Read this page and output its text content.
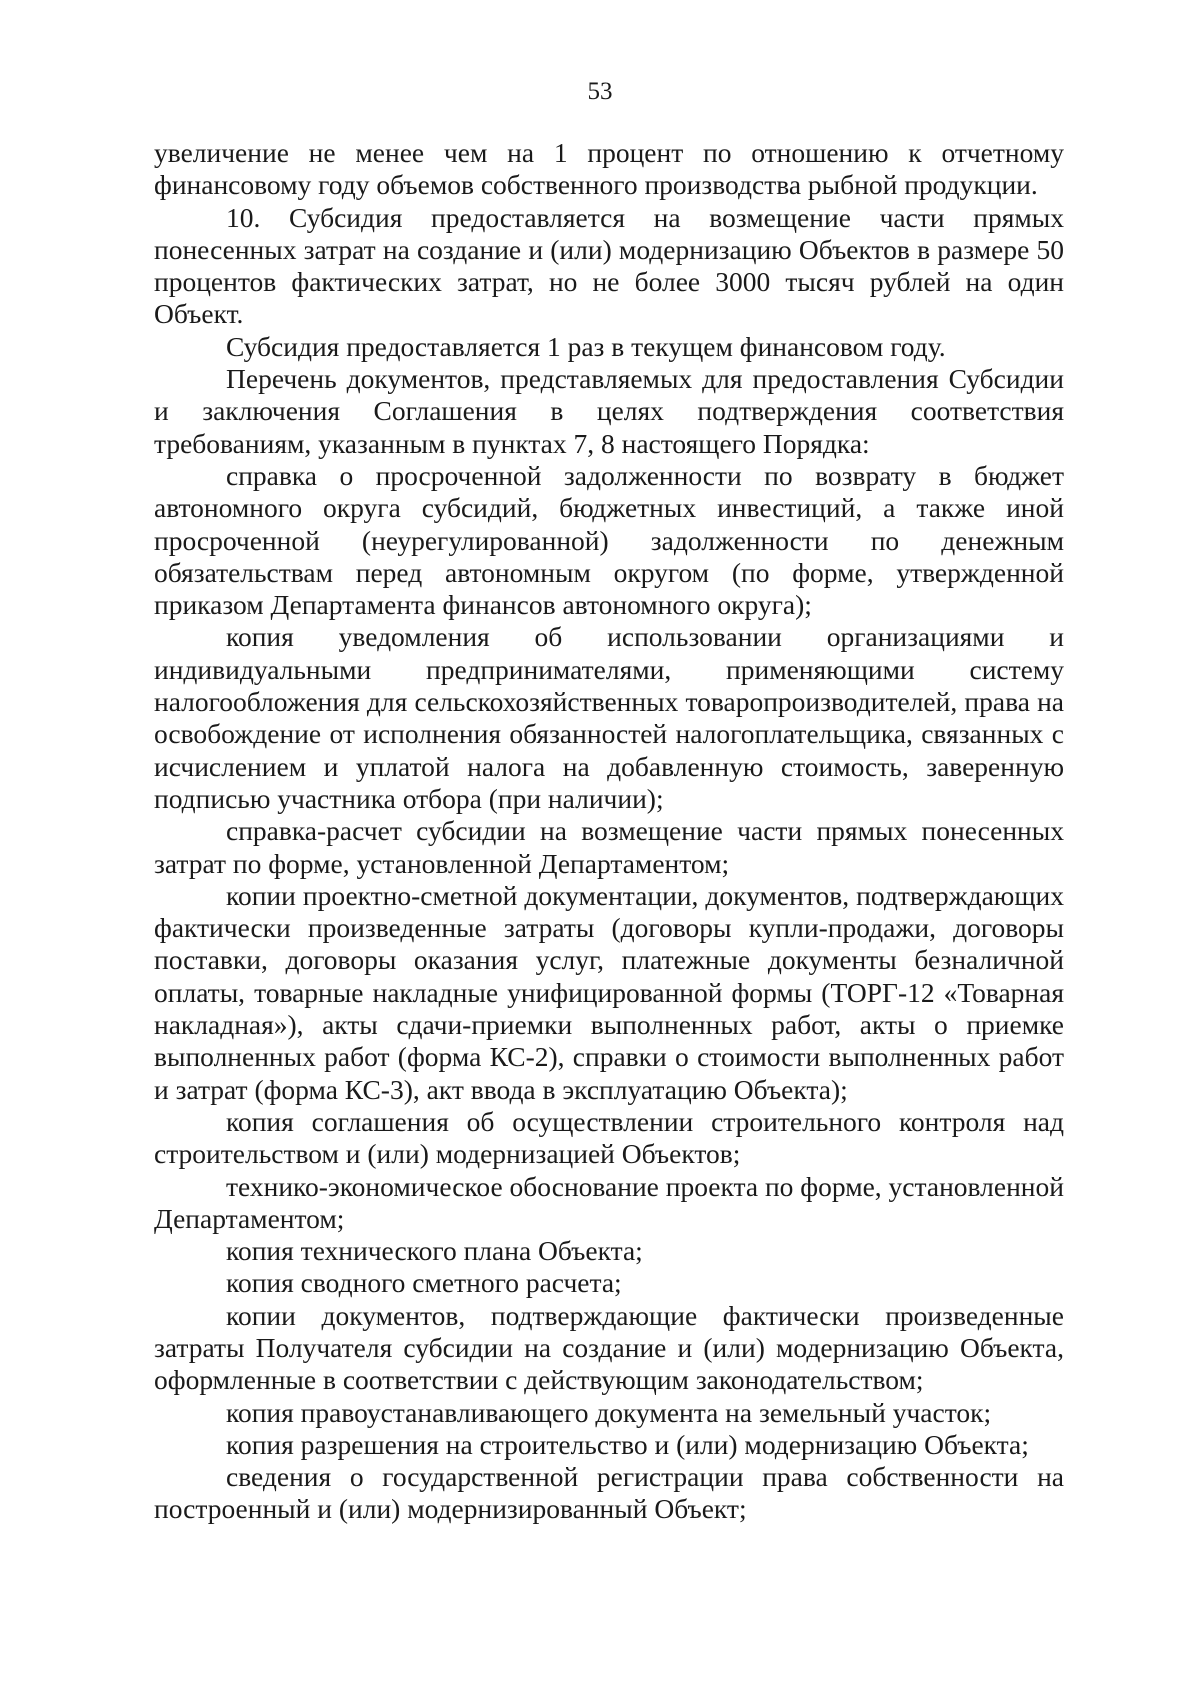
53

увеличение не менее чем на 1 процент по отношению к отчетному финансовому году объемов собственного производства рыбной продукции.

10. Субсидия предоставляется на возмещение части прямых понесенных затрат на создание и (или) модернизацию Объектов в размере 50 процентов фактических затрат, но не более 3000 тысяч рублей на один Объект.

Субсидия предоставляется 1 раз в текущем финансовом году.

Перечень документов, представляемых для предоставления Субсидии и заключения Соглашения в целях подтверждения соответствия требованиям, указанным в пунктах 7, 8 настоящего Порядка:

справка о просроченной задолженности по возврату в бюджет автономного округа субсидий, бюджетных инвестиций, а также иной просроченной (неурегулированной) задолженности по денежным обязательствам перед автономным округом (по форме, утвержденной приказом Департамента финансов автономного округа);

копия уведомления об использовании организациями и индивидуальными предпринимателями, применяющими систему налогообложения для сельскохозяйственных товаропроизводителей, права на освобождение от исполнения обязанностей налогоплательщика, связанных с исчислением и уплатой налога на добавленную стоимость, заверенную подписью участника отбора (при наличии);

справка-расчет субсидии на возмещение части прямых понесенных затрат по форме, установленной Департаментом;

копии проектно-сметной документации, документов, подтверждающих фактически произведенные затраты (договоры купли-продажи, договоры поставки, договоры оказания услуг, платежные документы безналичной оплаты, товарные накладные унифицированной формы (ТОРГ-12 «Товарная накладная»), акты сдачи-приемки выполненных работ, акты о приемке выполненных работ (форма КС-2), справки о стоимости выполненных работ и затрат (форма КС-3), акт ввода в эксплуатацию Объекта);

копия соглашения об осуществлении строительного контроля над строительством и (или) модернизацией Объектов;

технико-экономическое обоснование проекта по форме, установленной Департаментом;

копия технического плана Объекта;

копия сводного сметного расчета;

копии документов, подтверждающие фактически произведенные затраты Получателя субсидии на создание и (или) модернизацию Объекта, оформленные в соответствии с действующим законодательством;

копия правоустанавливающего документа на земельный участок;

копия разрешения на строительство и (или) модернизацию Объекта;

сведения о государственной регистрации права собственности на построенный и (или) модернизированный Объект;
